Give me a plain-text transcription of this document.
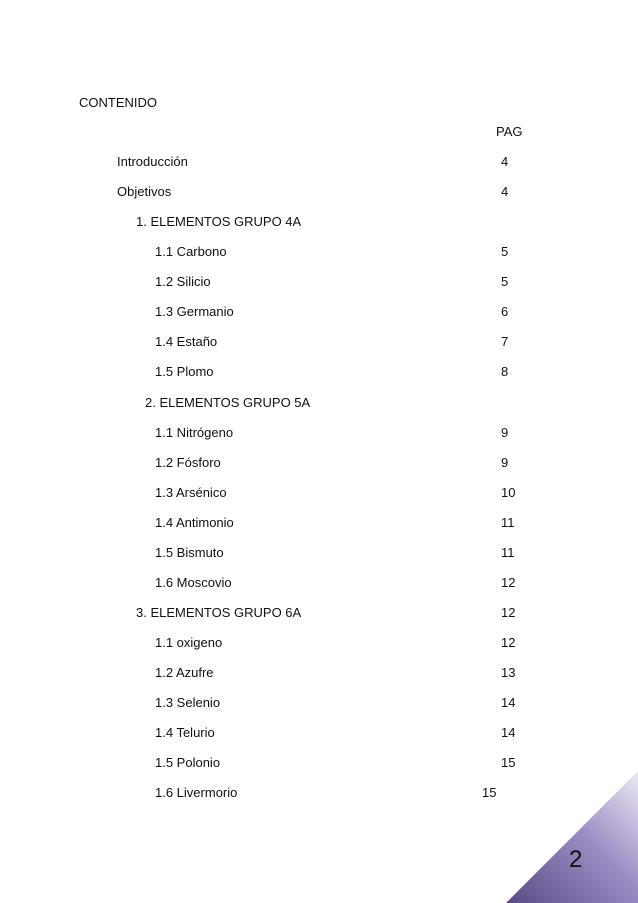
CONTENIDO
PAG
Introducción	4
Objetivos	4
1. ELEMENTOS GRUPO 4A
1.1 Carbono	5
1.2 Silicio	5
1.3 Germanio	6
1.4 Estaño	7
1.5 Plomo	8
2. ELEMENTOS GRUPO 5A
1.1 Nitrógeno	9
1.2 Fósforo	9
1.3 Arsénico	10
1.4 Antimonio	11
1.5 Bismuto	11
1.6 Moscovio	12
3. ELEMENTOS GRUPO 6A	12
1.1 oxigeno	12
1.2 Azufre	13
1.3 Selenio	14
1.4 Telurio	14
1.5 Polonio	15
1.6 Livermorio	15
2
